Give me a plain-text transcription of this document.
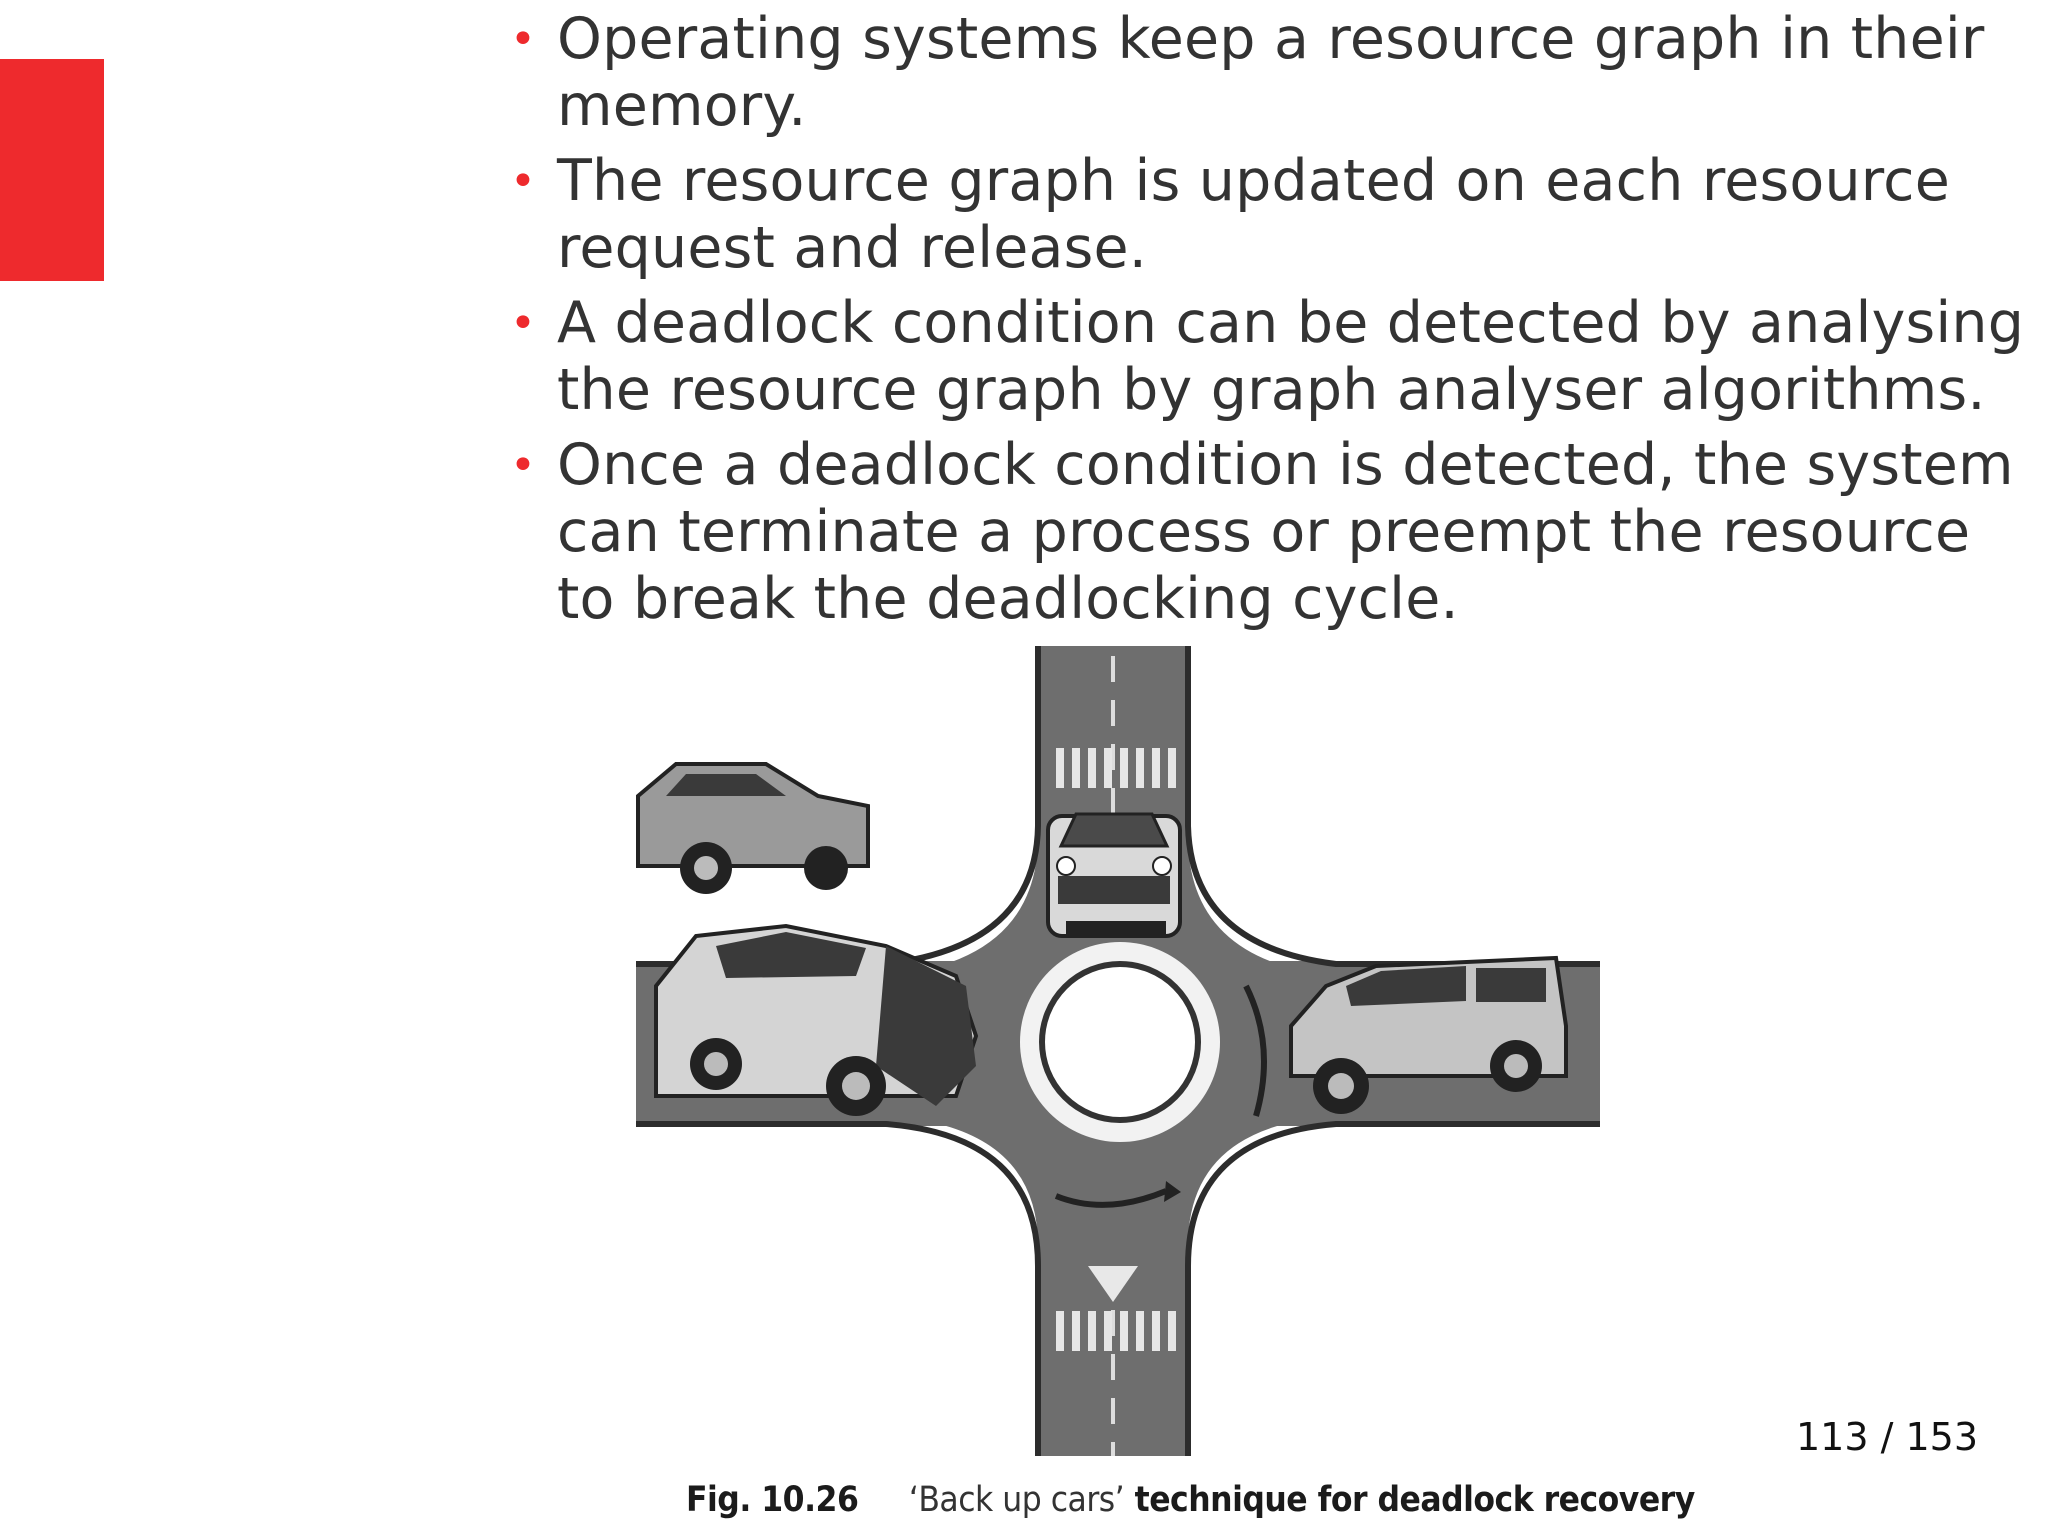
• Operating systems keep a resource graph in their memory.
• The resource graph is updated on each resource request and release.
• A deadlock condition can be detected by analysing the resource graph by graph analyser algorithms.
• Once a deadlock condition is detected, the system can terminate a process or preempt the resource to break the deadlocking cycle.
113 / 153
Fig. 10.26 ‘Back up cars’ technique for deadlock recovery
